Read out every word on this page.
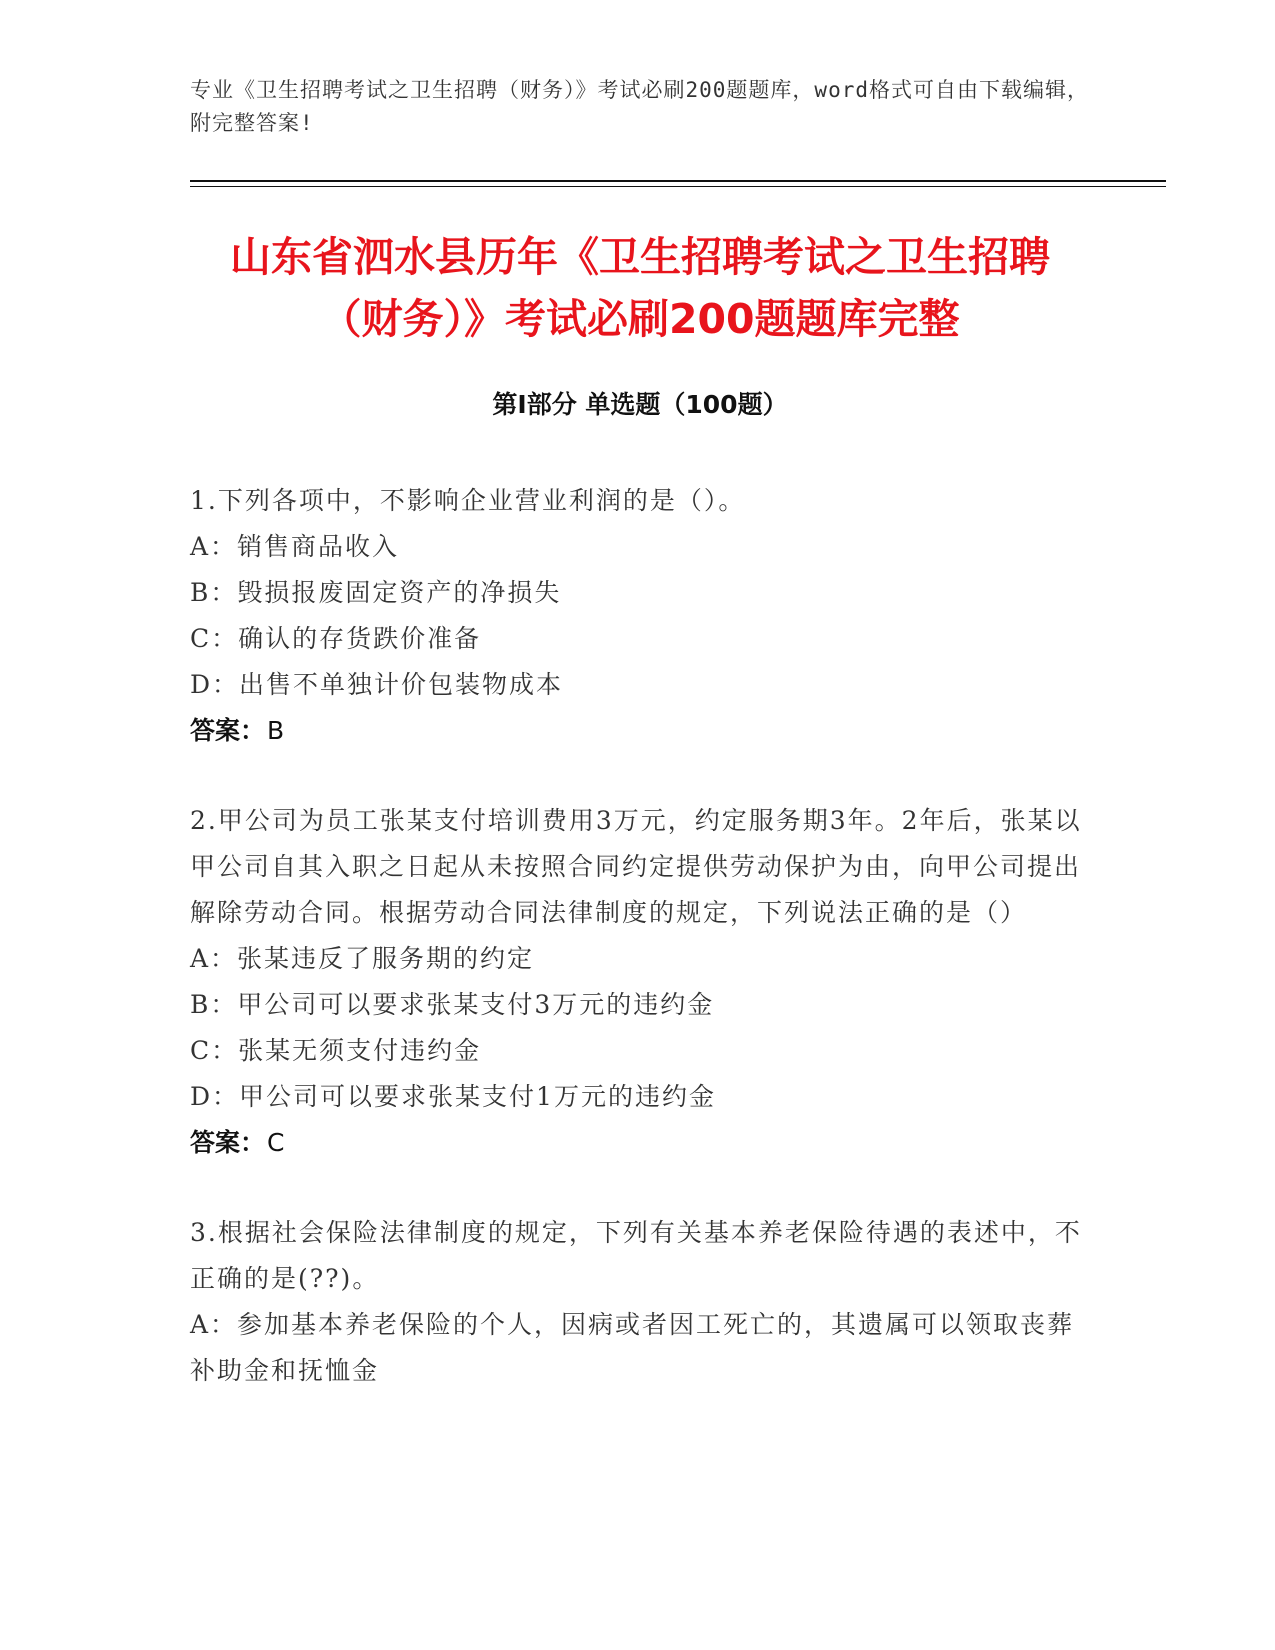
专业《卫生招聘考试之卫生招聘（财务）》考试必刷200题题库，word格式可自由下载编辑，附完整答案!
山东省泗水县历年《卫生招聘考试之卫生招聘（财务）》考试必刷200题题库完整
第Ⅰ部分 单选题（100题）
1.下列各项中，不影响企业营业利润的是（）。
A：销售商品收入
B：毁损报废固定资产的净损失
C：确认的存货跌价准备
D：出售不单独计价包装物成本
答案：B
2.甲公司为员工张某支付培训费用3万元，约定服务期3年。2年后，张某以甲公司自其入职之日起从未按照合同约定提供劳动保护为由，向甲公司提出解除劳动合同。根据劳动合同法律制度的规定，下列说法正确的是（）
A：张某违反了服务期的约定
B：甲公司可以要求张某支付3万元的违约金
C：张某无须支付违约金
D：甲公司可以要求张某支付1万元的违约金
答案：C
3.根据社会保险法律制度的规定，下列有关基本养老保险待遇的表述中，不正确的是(??)。
A：参加基本养老保险的个人，因病或者因工死亡的，其遗属可以领取丧葬补助金和抚恤金
